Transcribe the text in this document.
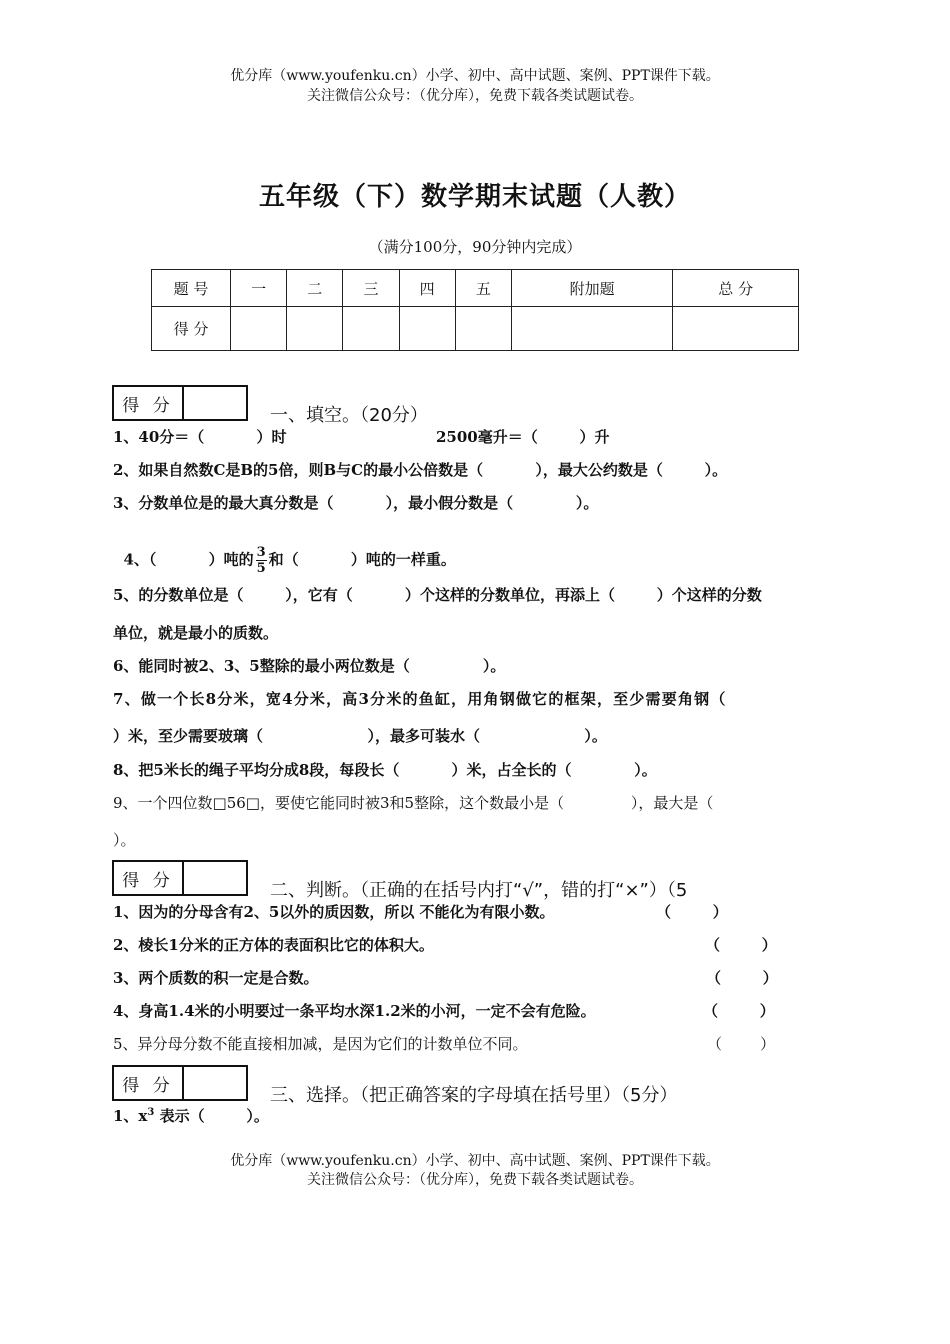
优分库（www.youfenku.cn）小学、初中、高中试题、案例、PPT课件下载。
关注微信公众号：（优分库），免费下载各类试题试卷。
五年级（下）数学期末试题（人教）
（满分100分，90分钟内完成）
题 号	一	二	三	四	五	附加题	总 分
得 分							
得 分	一、填空。（20分）
1、40分＝（          ）时	2500毫升＝（        ）升
2、如果自然数C是B的5倍，则B与C的最小公倍数是（          ），最大公约数是（        ）。
3、分数单位是的最大真分数是（          ），最小假分数是（            ）。

4、（          ）吨的 $\frac{3}{5}$ 和（          ）吨的一样重。

5、的分数单位是（        ），它有（          ）个这样的分数单位，再添上（        ）个这样的分数
单位，就是最小的质数。
6、能同时被2、3、5整除的最小两位数是（              ）。
7、做一个长8分米，宽4分米，高3分米的鱼缸，用角钢做它的框架，至少需要角钢（
）米，至少需要玻璃（                    ），最多可装水（                    ）。
8、把5米长的绳子平均分成8段，每段长（          ）米，占全长的（            ）。
9、一个四位数□56□，要使它能同时被3和5整除，这个数最小是（              ），最大是（
）。
得 分	二、判断。（正确的在括号内打“√”，错的打“×”）（5
1、因为的分母含有2、5以外的质因数，所以 不能化为有限小数。	（        ）
2、棱长1分米的正方体的表面积比它的体积大。	（        ）
3、两个质数的积一定是合数。	（        ）
4、身高1.4米的小明要过一条平均水深1.2米的小河，一定不会有危险。	（        ）
5、异分母分数不能直接相加减，是因为它们的计数单位不同。	（        ）
得 分	三、选择。（把正确答案的字母填在括号里）（5分）
1、$x^3$ 表示（        ）。
优分库（www.youfenku.cn）小学、初中、高中试题、案例、PPT课件下载。
关注微信公众号：（优分库），免费下载各类试题试卷。
